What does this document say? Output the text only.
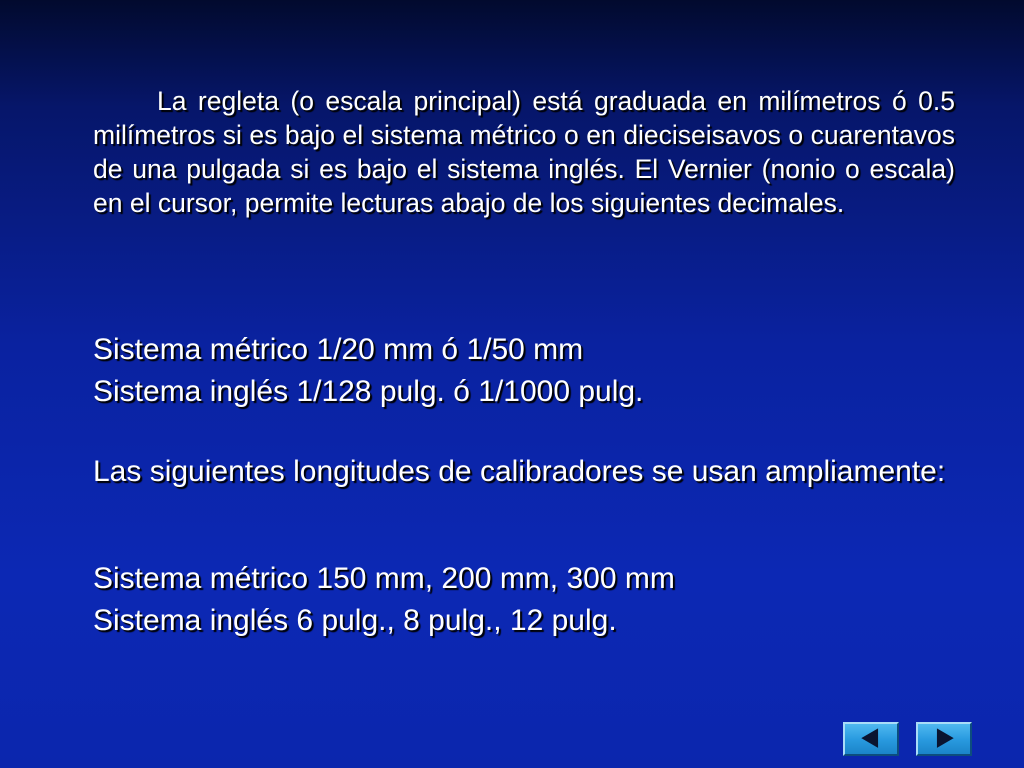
La regleta (o escala principal) está graduada en milímetros ó 0.5 milímetros si es bajo el sistema métrico o en dieciseisavos o cuarentavos de una pulgada si es bajo el sistema inglés. El Vernier (nonio o escala) en el cursor, permite lecturas abajo de los siguientes decimales.

Sistema métrico 1/20 mm ó 1/50 mm

Sistema inglés 1/128 pulg. ó 1/1000 pulg.

Las siguientes longitudes de calibradores se usan ampliamente:

Sistema métrico 150 mm, 200 mm, 300 mm

Sistema inglés 6 pulg., 8 pulg., 12 pulg.
